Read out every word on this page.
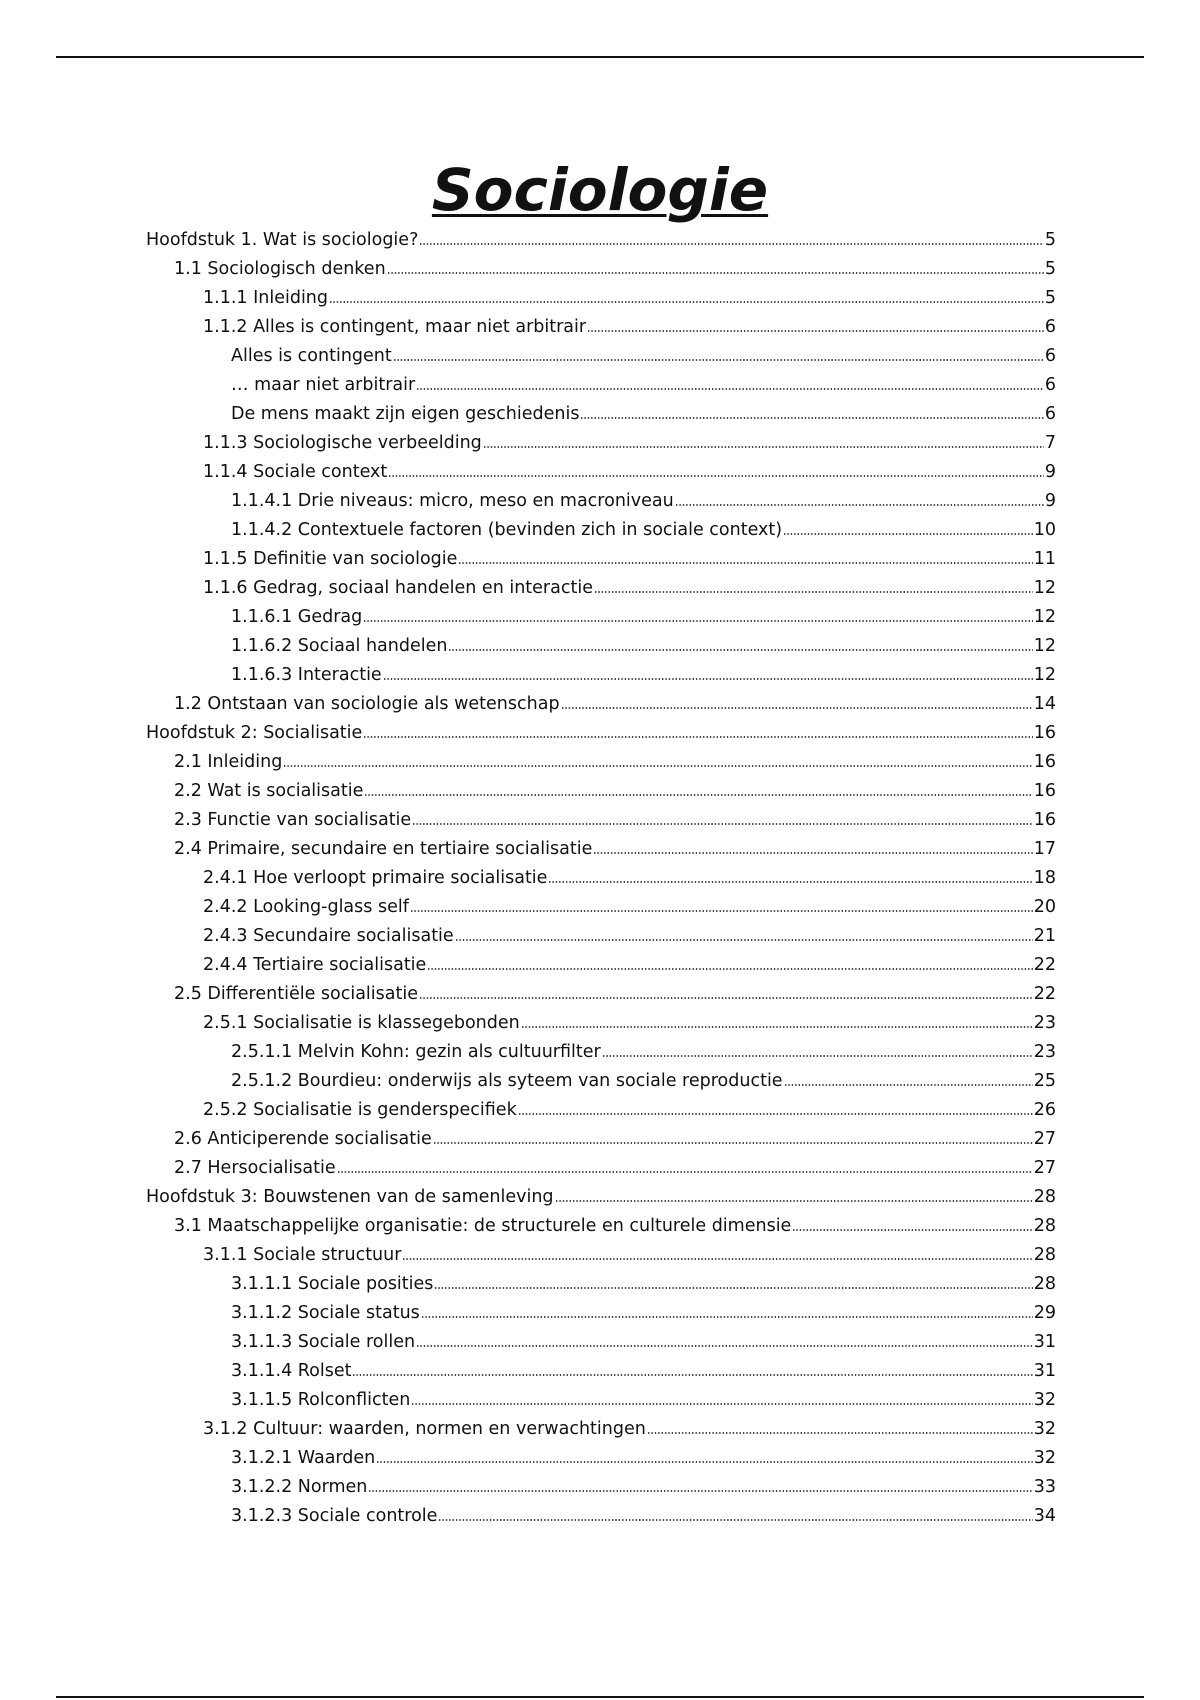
Sociologie
Hoofdstuk 1. Wat is sociologie?	5
1.1 Sociologisch denken	5
1.1.1 Inleiding	5
1.1.2 Alles is contingent, maar niet arbitrair	6
Alles is contingent	6
… maar niet arbitrair	6
De mens maakt zijn eigen geschiedenis	6
1.1.3 Sociologische verbeelding	7
1.1.4 Sociale context	9
1.1.4.1 Drie niveaus: micro, meso en macroniveau	9
1.1.4.2 Contextuele factoren (bevinden zich in sociale context)	10
1.1.5 Definitie van sociologie	11
1.1.6 Gedrag, sociaal handelen en interactie	12
1.1.6.1 Gedrag	12
1.1.6.2 Sociaal handelen	12
1.1.6.3 Interactie	12
1.2 Ontstaan van sociologie als wetenschap	14
Hoofdstuk 2: Socialisatie	16
2.1 Inleiding	16
2.2 Wat is socialisatie	16
2.3 Functie van socialisatie	16
2.4 Primaire, secundaire en tertiaire socialisatie	17
2.4.1 Hoe verloopt primaire socialisatie	18
2.4.2 Looking-glass self	20
2.4.3 Secundaire socialisatie	21
2.4.4 Tertiaire socialisatie	22
2.5 Differentiële socialisatie	22
2.5.1 Socialisatie is klassegebonden	23
2.5.1.1 Melvin Kohn: gezin als cultuurfilter	23
2.5.1.2 Bourdieu: onderwijs als syteem van sociale reproductie	25
2.5.2 Socialisatie is genderspecifiek	26
2.6 Anticiperende socialisatie	27
2.7 Hersocialisatie	27
Hoofdstuk 3: Bouwstenen van de samenleving	28
3.1 Maatschappelijke organisatie: de structurele en culturele dimensie	28
3.1.1 Sociale structuur	28
3.1.1.1 Sociale posities	28
3.1.1.2 Sociale status	29
3.1.1.3 Sociale rollen	31
3.1.1.4 Rolset	31
3.1.1.5 Rolconflicten	32
3.1.2 Cultuur: waarden, normen en verwachtingen	32
3.1.2.1 Waarden	32
3.1.2.2 Normen	33
3.1.2.3 Sociale controle	34
